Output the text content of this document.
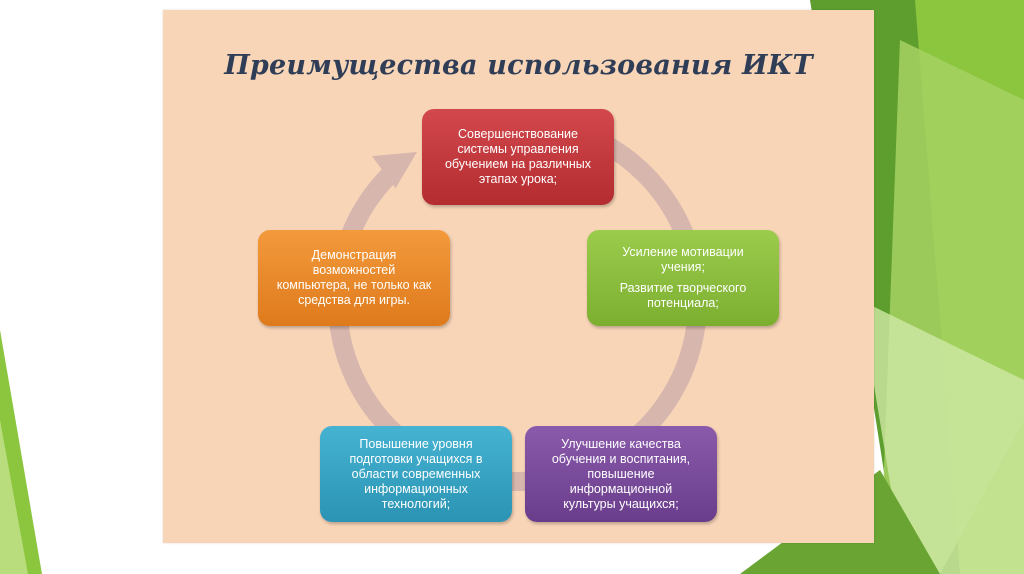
Преимущества использования ИКТ
Совершенствование
системы управления
обучением на различных
этапах урока;
Усиление мотивации
учения;
Развитие творческого
потенциала;
Улучшение качества
обучения и воспитания,
повышение
информационной
культуры учащихся;
Повышение уровня
подготовки учащихся в
области современных
информационных
технологий;
Демонстрация
возможностей
компьютера, не только как
средства для игры.
